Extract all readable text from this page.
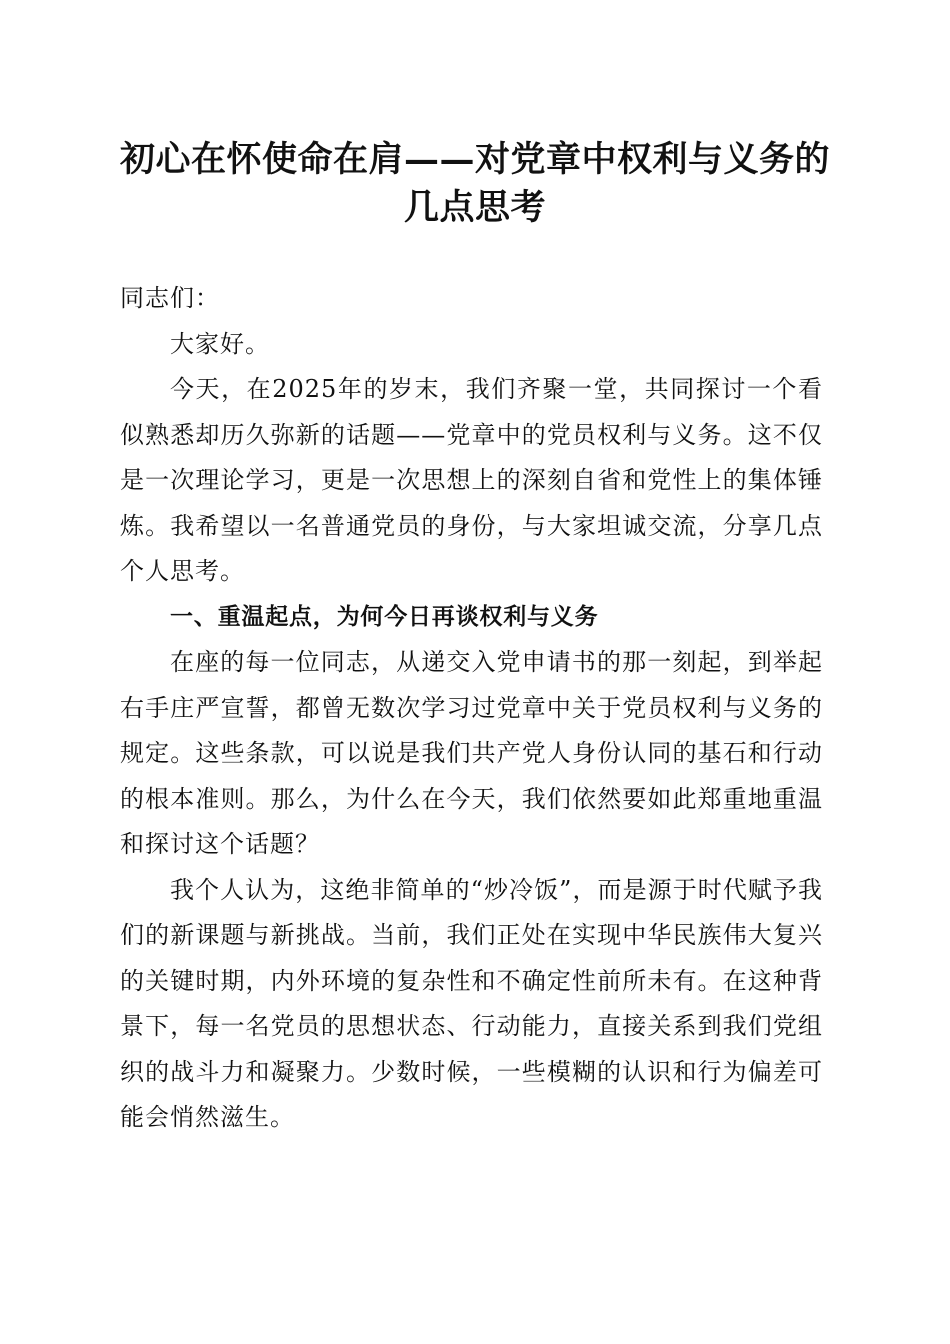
初心在怀使命在肩——对党章中权利与义务的
几点思考

同志们：

大家好。

今天，在2025年的岁末，我们齐聚一堂，共同探讨一个看似熟悉却历久弥新的话题——党章中的党员权利与义务。这不仅是一次理论学习，更是一次思想上的深刻自省和党性上的集体锤炼。我希望以一名普通党员的身份，与大家坦诚交流，分享几点个人思考。

一、重温起点，为何今日再谈权利与义务

在座的每一位同志，从递交入党申请书的那一刻起，到举起右手庄严宣誓，都曾无数次学习过党章中关于党员权利与义务的规定。这些条款，可以说是我们共产党人身份认同的基石和行动的根本准则。那么，为什么在今天，我们依然要如此郑重地重温和探讨这个话题？

我个人认为，这绝非简单的“炒冷饭”，而是源于时代赋予我们的新课题与新挑战。当前，我们正处在实现中华民族伟大复兴的关键时期，内外环境的复杂性和不确定性前所未有。在这种背景下，每一名党员的思想状态、行动能力，直接关系到我们党组织的战斗力和凝聚力。少数时候，一些模糊的认识和行为偏差可能会悄然滋生。
